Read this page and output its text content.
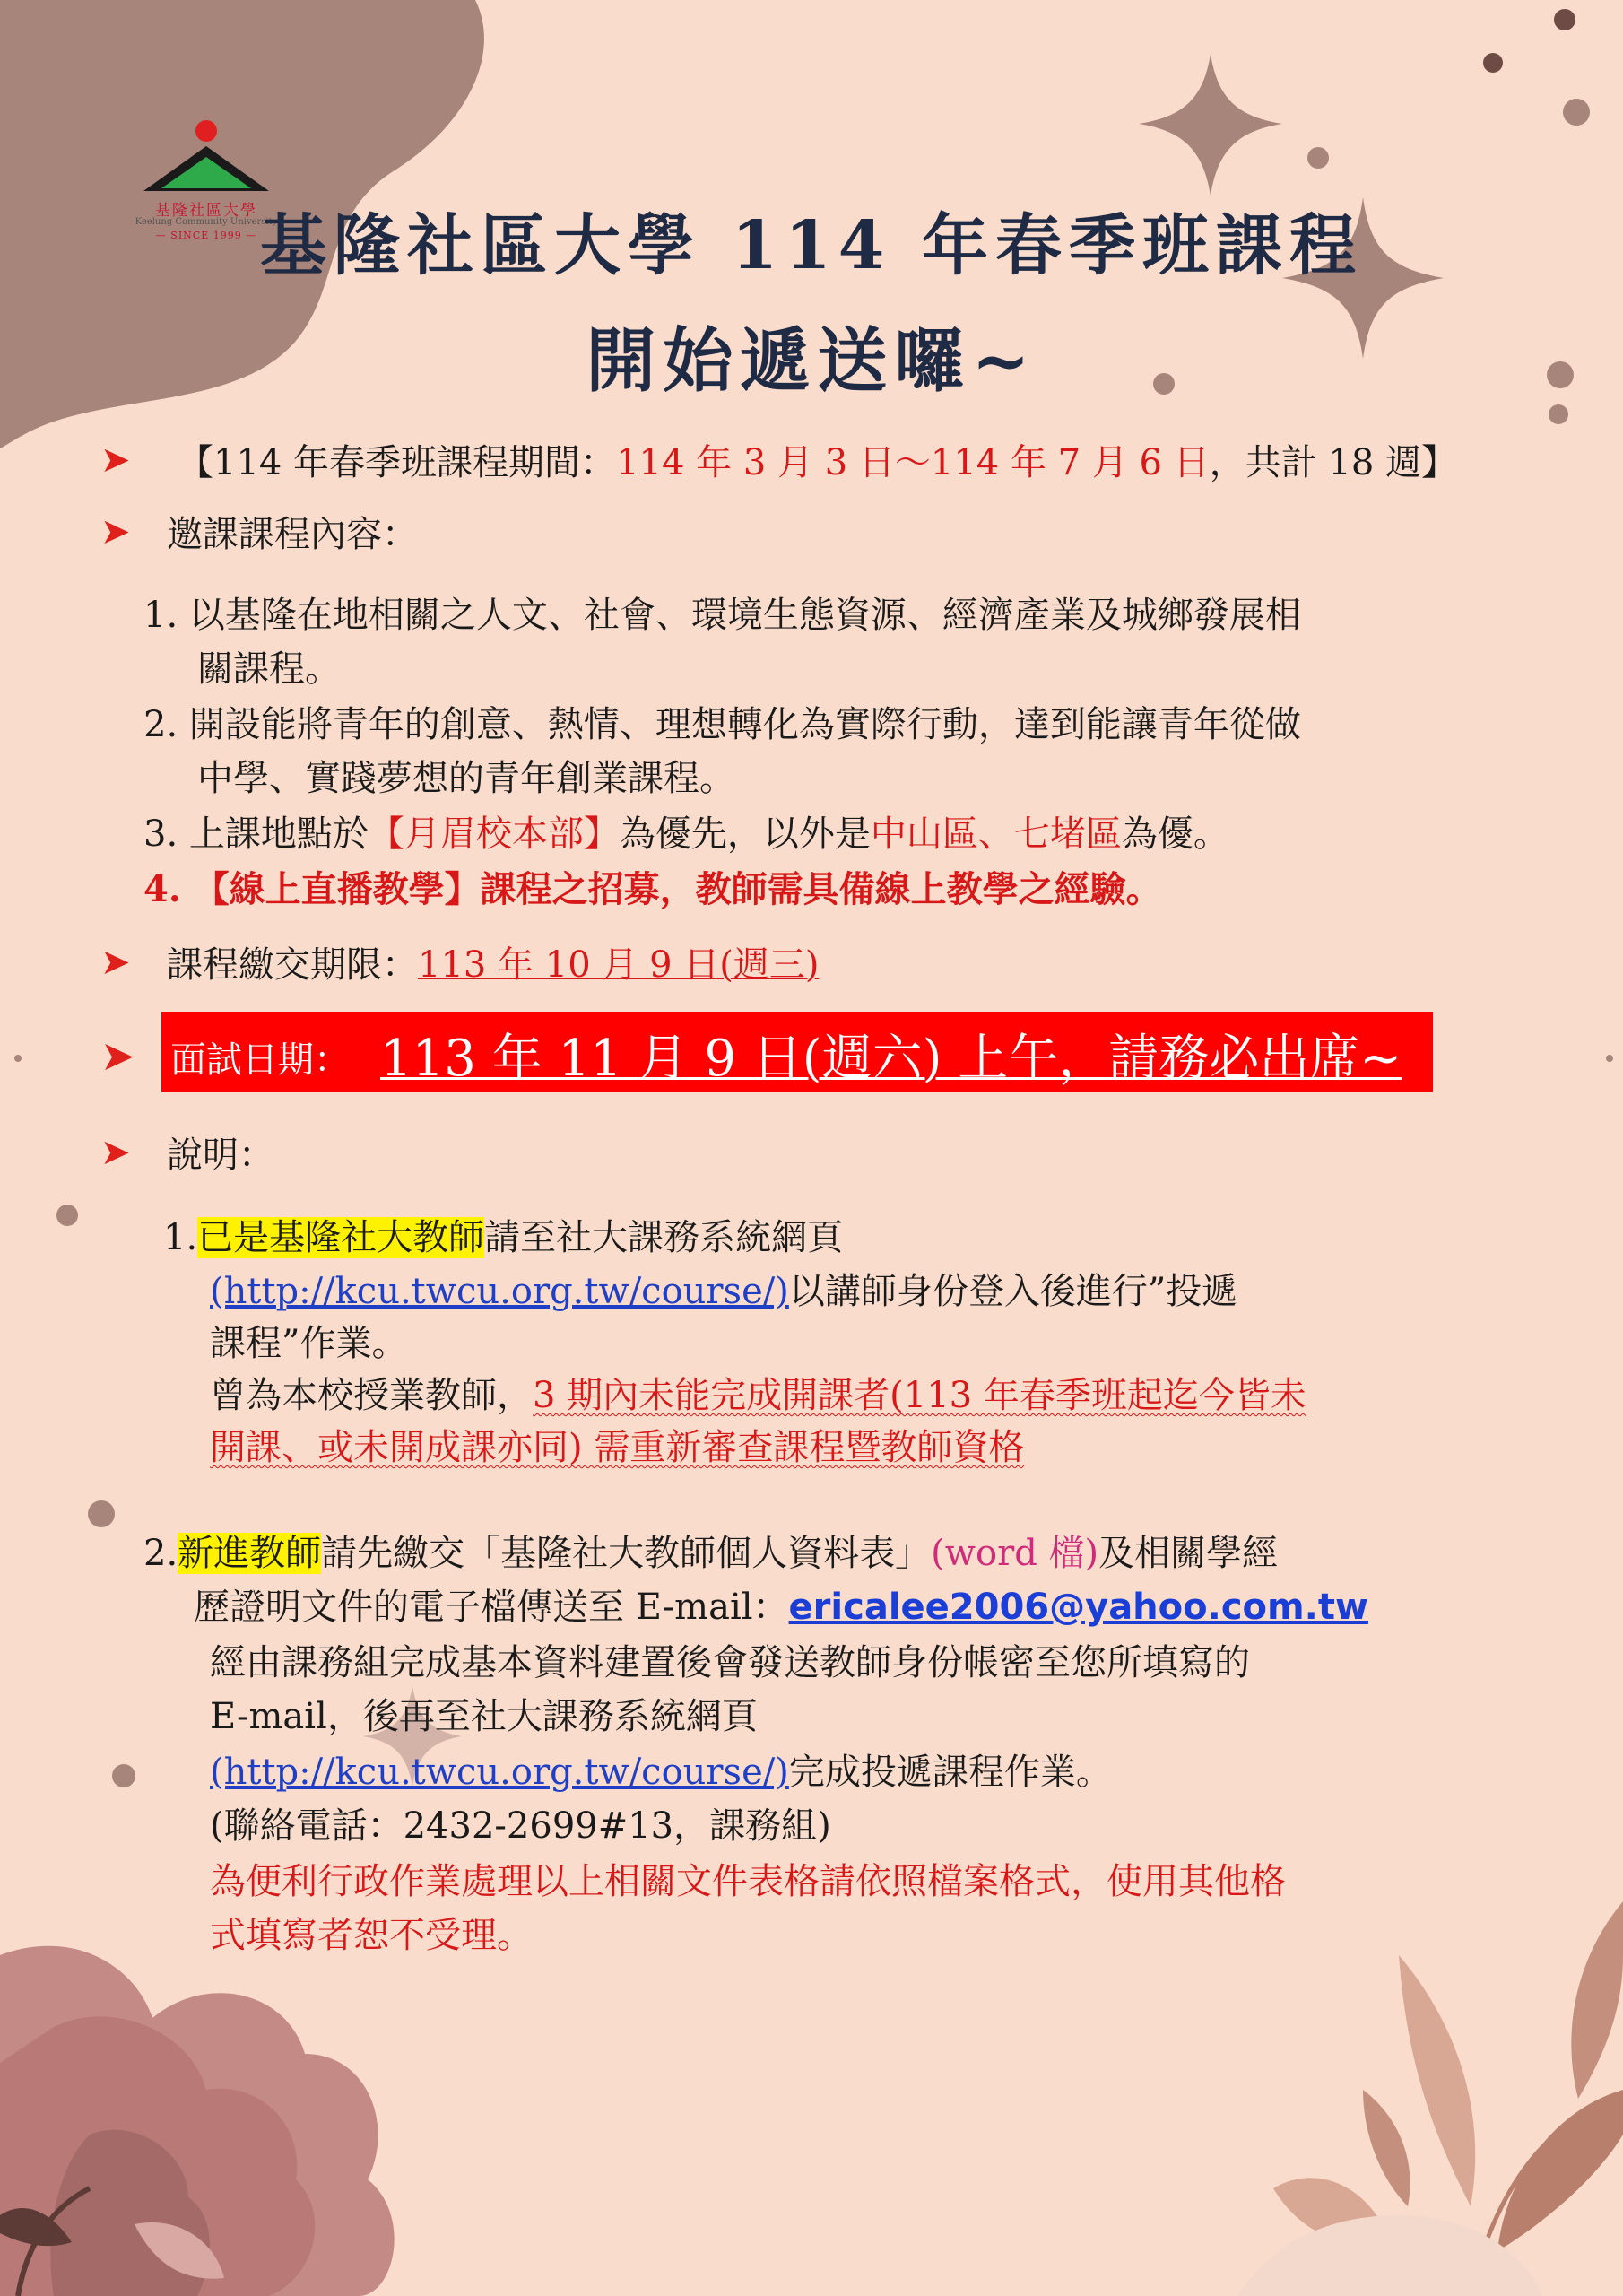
基隆社區大學
Keelung Community University
— SINCE 1999 — 基隆社區大學 114 年春季班課程
開始遞送囉~
➤ 【114 年春季班課程期間：114 年 3 月 3 日～114 年 7 月 6 日，共計 18 週】
➤ 邀課課程內容：
1. 以基隆在地相關之人文、社會、環境生態資源、經濟產業及城鄉發展相
關課程。
2. 開設能將青年的創意、熱情、理想轉化為實際行動，達到能讓青年從做
中學、實踐夢想的青年創業課程。
3. 上課地點於【月眉校本部】為優先，以外是中山區、七堵區為優。
4. 【線上直播教學】課程之招募，教師需具備線上教學之經驗。
➤ 課程繳交期限：113 年 10 月 9 日(週三)
➤ 面試日期： 113 年 11 月 9 日(週六) 上午，請務必出席~
➤ 說明：
1.已是基隆社大教師請至社大課務系統網頁
(http://kcu.twcu.org.tw/course/)以講師身份登入後進行”投遞
課程”作業。
曾為本校授業教師，3 期內未能完成開課者(113 年春季班起迄今皆未
開課、或未開成課亦同) 需重新審查課程暨教師資格
2.新進教師請先繳交「基隆社大教師個人資料表」(word 檔)及相關學經
歷證明文件的電子檔傳送至 E-mail：ericalee2006@yahoo.com.tw
經由課務組完成基本資料建置後會發送教師身份帳密至您所填寫的
E-mail，後再至社大課務系統網頁
(http://kcu.twcu.org.tw/course/)完成投遞課程作業。
(聯絡電話：2432-2699#13，課務組)
為便利行政作業處理以上相關文件表格請依照檔案格式，使用其他格
式填寫者恕不受理。
